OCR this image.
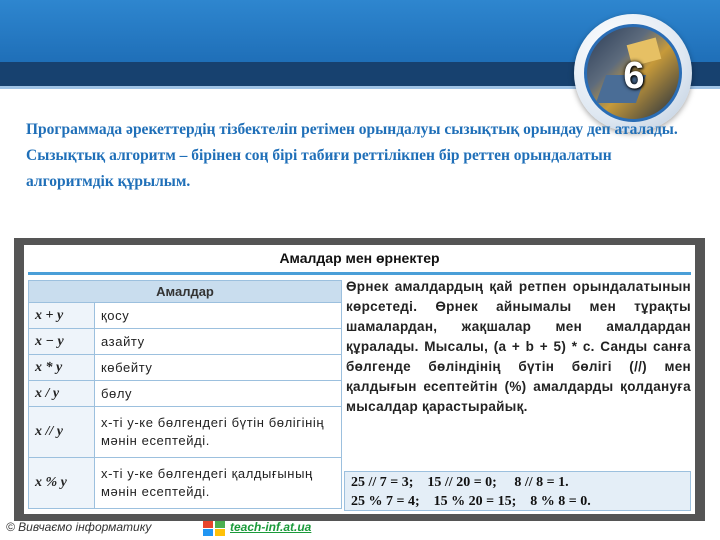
6
Программада әрекеттердің тізбектеліп ретімен орындалуы сызықтық орындау деп аталады. Сызықтық алгоритм – бірінен соң бірі табиғи реттілікпен бір реттен орындалатын алгоритмдік құрылым.
Амалдар мен өрнектер
Амалдар	
x + y	қосу
x − y	азайту
x * y	көбейту
x / y	бөлу
x // y	x-ті y-ке бөлгендегі бүтін бөлігінің мәнін есептейді.
x % y	x-ті y-ке бөлгендегі қалдығының мәнін есептейді.
Өрнек амалдардың қай ретпен орындалатынын көрсетеді. Өрнек айнымалы мен тұрақты шамалардан, жақшалар мен амалдардан құралады. Мысалы, (a + b + 5) * c. Санды санға бөлгенде бөліндінің бүтін бөлігі (//) мен қалдығын есептейтін (%) амалдарды қолдануға мысалдар қарастырайық.
25 // 7 = 3;    15 // 20 = 0;     8 // 8 = 1.
25 % 7 = 4;    15 % 20 = 15;    8 % 8 = 0.
© Вивчаємо інформатику	teach-inf.at.ua
